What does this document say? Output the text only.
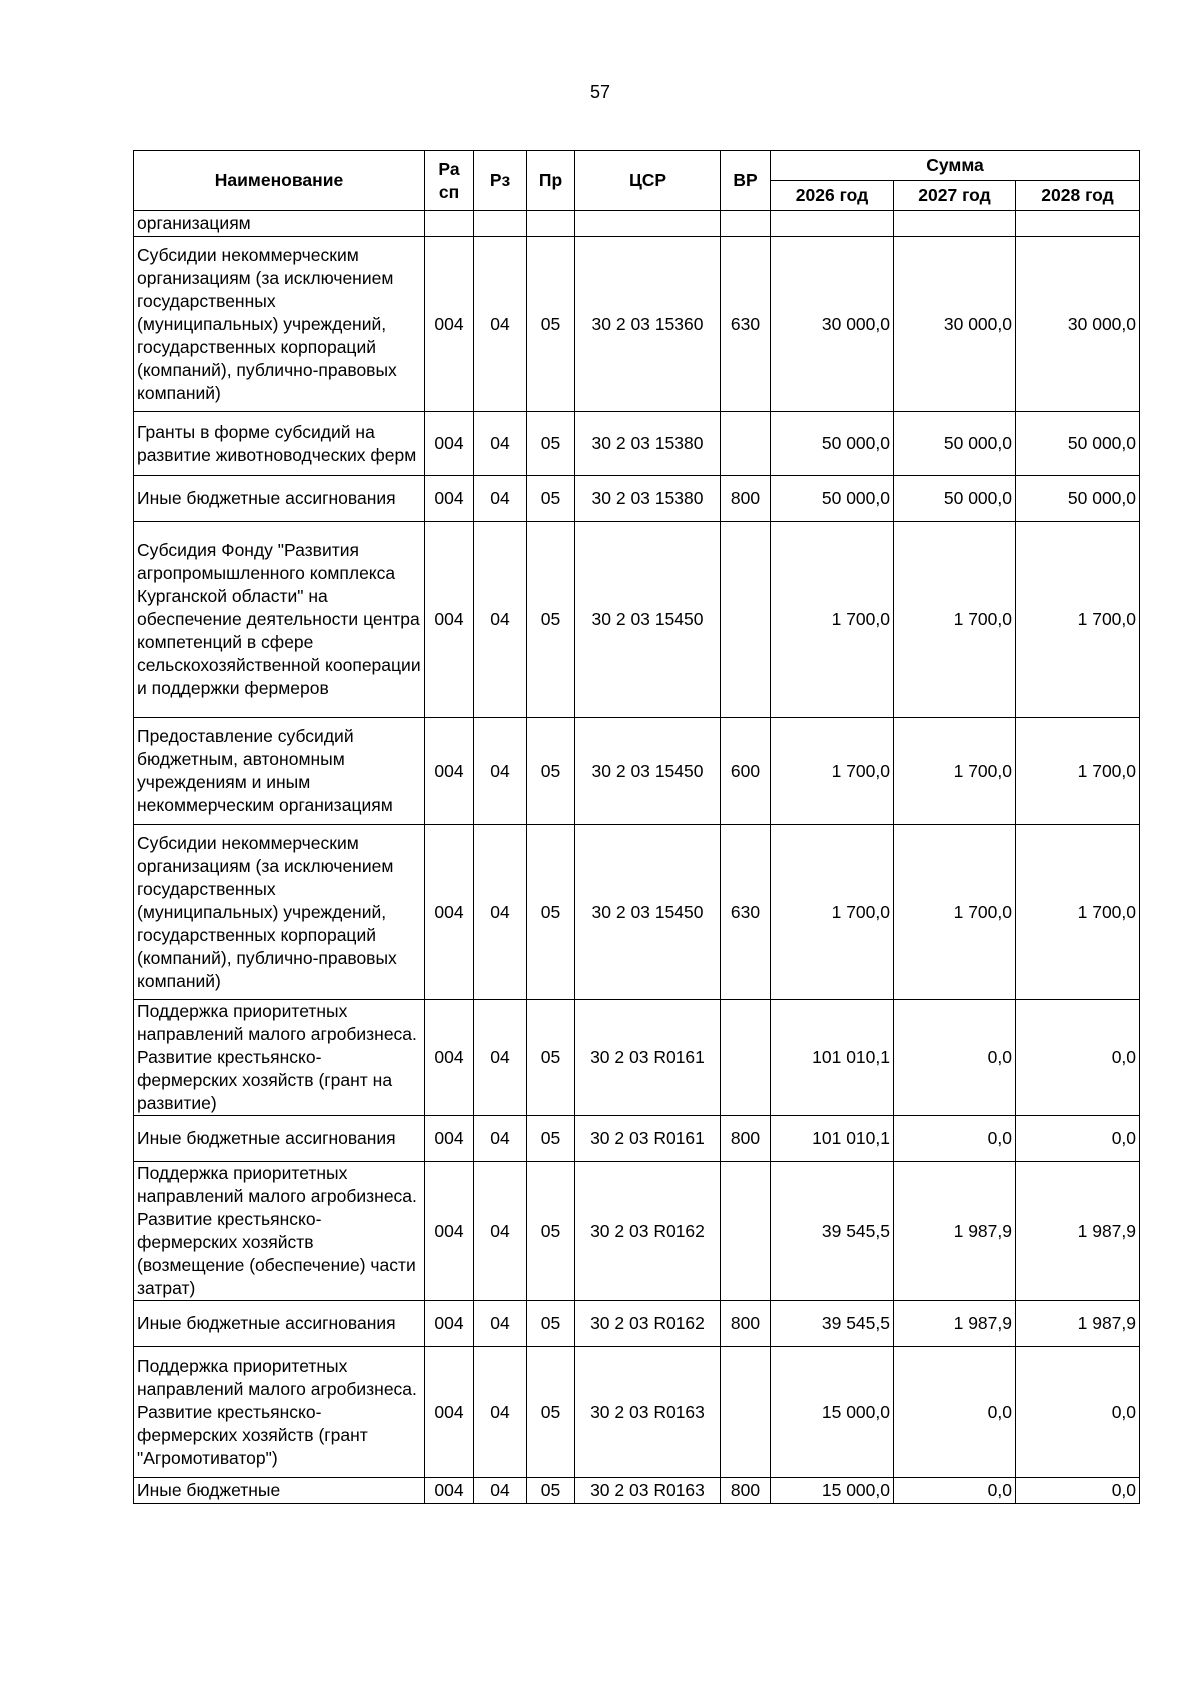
57
Наименование	Ра сп	Рз	Пр	ЦСР	ВР	Сумма		
						2026 год	2027 год	2028 год
организациям								
Субсидии некоммерческим организациям (за исключением государственных (муниципальных) учреждений, государственных корпораций (компаний), публично-правовых компаний)	004	04	05	30 2 03 15360	630	30 000,0	30 000,0	30 000,0
Гранты в форме субсидий на развитие животноводческих ферм	004	04	05	30 2 03 15380		50 000,0	50 000,0	50 000,0
Иные бюджетные ассигнования	004	04	05	30 2 03 15380	800	50 000,0	50 000,0	50 000,0
Субсидия Фонду "Развития агропромышленного комплекса Курганской области" на обеспечение деятельности центра компетенций в сфере сельскохозяйственной кооперации и поддержки фермеров	004	04	05	30 2 03 15450		1 700,0	1 700,0	1 700,0
Предоставление субсидий бюджетным, автономным учреждениям и иным некоммерческим организациям	004	04	05	30 2 03 15450	600	1 700,0	1 700,0	1 700,0
Субсидии некоммерческим организациям (за исключением государственных (муниципальных) учреждений, государственных корпораций (компаний), публично-правовых компаний)	004	04	05	30 2 03 15450	630	1 700,0	1 700,0	1 700,0
Поддержка приоритетных направлений малого агробизнеса. Развитие крестьянско-фермерских хозяйств (грант на развитие)	004	04	05	30 2 03 R0161		101 010,1	0,0	0,0
Иные бюджетные ассигнования	004	04	05	30 2 03 R0161	800	101 010,1	0,0	0,0
Поддержка приоритетных направлений малого агробизнеса. Развитие крестьянско-фермерских хозяйств (возмещение (обеспечение) части затрат)	004	04	05	30 2 03 R0162		39 545,5	1 987,9	1 987,9
Иные бюджетные ассигнования	004	04	05	30 2 03 R0162	800	39 545,5	1 987,9	1 987,9
Поддержка приоритетных направлений малого агробизнеса. Развитие крестьянско-фермерских хозяйств (грант "Агромотиватор")	004	04	05	30 2 03 R0163		15 000,0	0,0	0,0
Иные бюджетные	004	04	05	30 2 03 R0163	800	15 000,0	0,0	0,0
